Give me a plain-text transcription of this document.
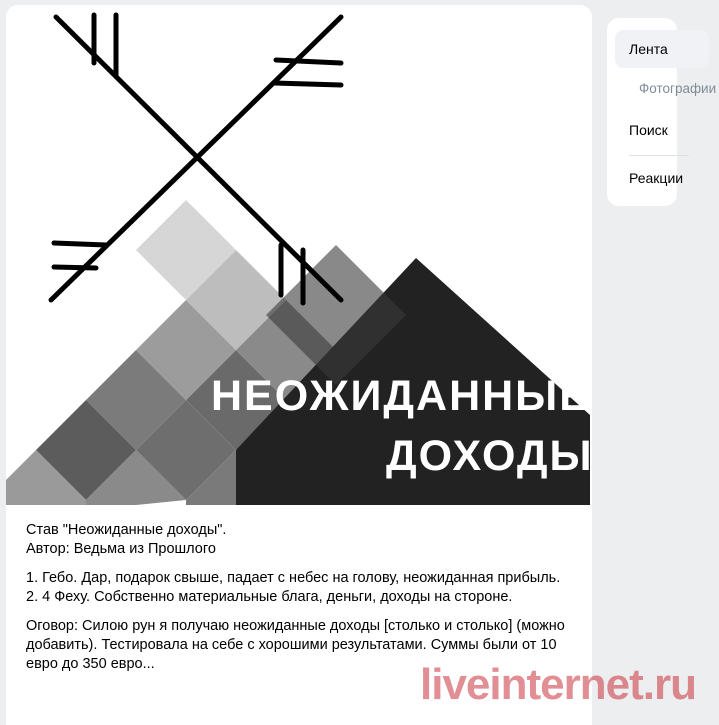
НЕОЖИДАННЫЕ
ДОХОДЫ

Став "Неожиданные доходы".
Автор: Ведьма из Прошлого

1. Гебо. Дар, подарок свыше, падает с небес на голову, неожиданная прибыль.
2. 4 Феху. Собственно материальные блага, деньги, доходы на стороне.

Оговор: Силою рун я получаю неожиданные доходы [столько и столько] (можно добавить). Тестировала на себе с хорошими результатами. Суммы были от 10 евро до 350 евро...	liveinternet.ru
Лента
Фотографии
Поиск
Реакции
